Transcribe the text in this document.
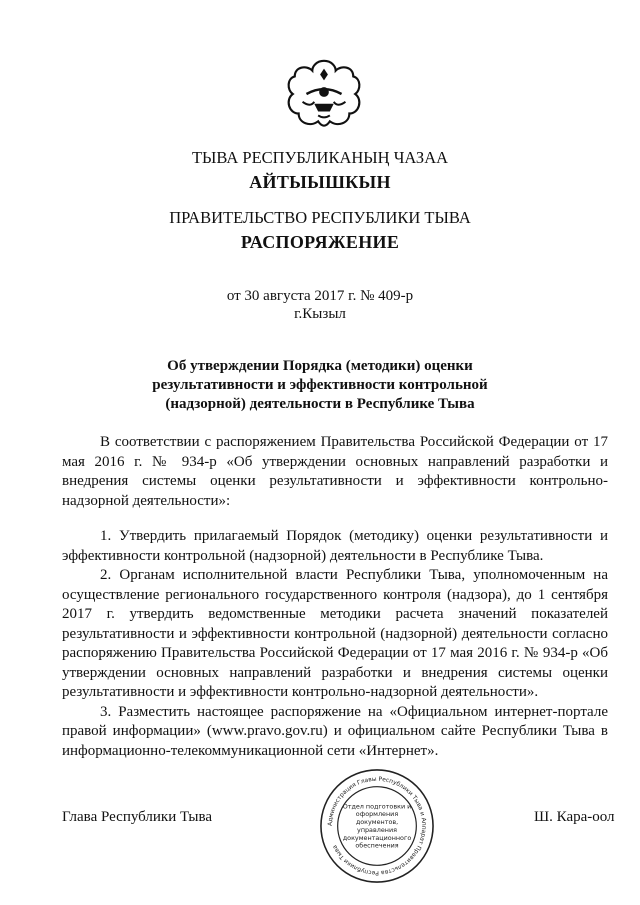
ТЫВА РЕСПУБЛИКАНЫҢ ЧАЗАА
АЙТЫЫШКЫН
ПРАВИТЕЛЬСТВО РЕСПУБЛИКИ ТЫВА
РАСПОРЯЖЕНИЕ
от 30 августа 2017 г. № 409-р
г.Кызыл
Об утверждении Порядка (методики) оценки
результативности и эффективности контрольной
(надзорной) деятельности в Республике Тыва

В соответствии с распоряжением Правительства Российской Федерации от 17 мая 2016 г. № 934-р «Об утверждении основных направлений разработки и внедрения системы оценки результативности и эффективности контрольно-надзорной деятельности»:

1. Утвердить прилагаемый Порядок (методику) оценки результативности и эффективности контрольной (надзорной) деятельности в Республике Тыва.

2. Органам исполнительной власти Республики Тыва, уполномоченным на осуществление регионального государственного контроля (надзора), до 1 сентября 2017 г. утвердить ведомственные методики расчета значений показателей результативности и эффективности контрольной (надзорной) деятельности согласно распоряжению Правительства Российской Федерации от 17 мая 2016 г. № 934-р «Об утверждении основных направлений разработки и внедрения системы оценки результативности и эффективности контрольно-надзорной деятельности».

3. Разместить настоящее распоряжение на «Официальном интернет-портале правой информации» (www.pravo.gov.ru) и официальном сайте Республики Тыва в информационно-телекоммуникационной сети «Интернет».

Глава Республики Тыва	Ш. Кара-оол
Администрация Главы Республики Тыва и Аппарат Правительства Республики Тыва
Отдел подготовки и оформления документов, управления документационного обеспечения
